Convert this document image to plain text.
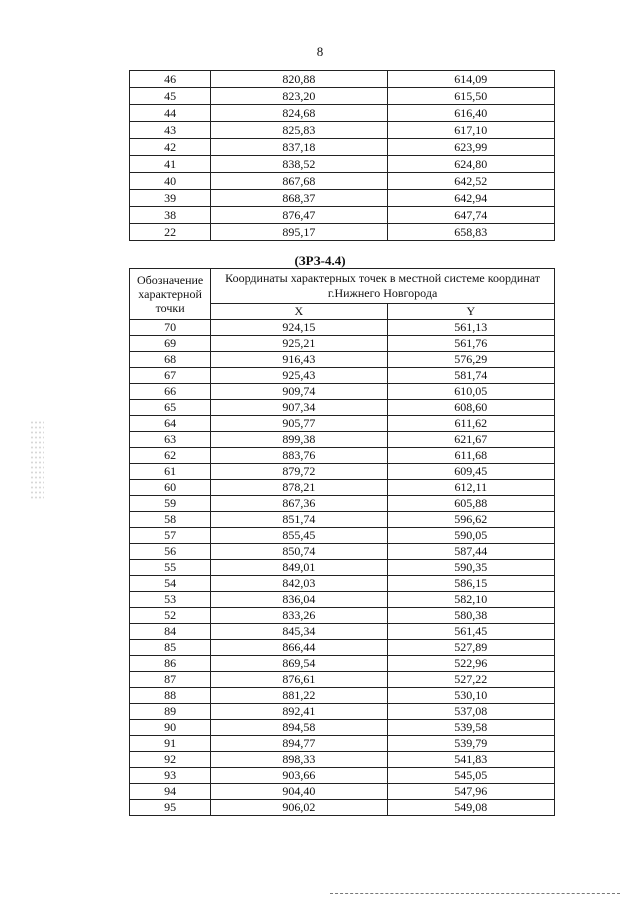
8
46	820,88	614,09
45	823,20	615,50
44	824,68	616,40
43	825,83	617,10
42	837,18	623,99
41	838,52	624,80
40	867,68	642,52
39	868,37	642,94
38	876,47	647,74
22	895,17	658,83
(ЗРЗ-4.4)
Обозначение характерной точки	Координаты характерных точек в местной системе координат г.Нижнего Новгорода	
	X	Y
70	924,15	561,13
69	925,21	561,76
68	916,43	576,29
67	925,43	581,74
66	909,74	610,05
65	907,34	608,60
64	905,77	611,62
63	899,38	621,67
62	883,76	611,68
61	879,72	609,45
60	878,21	612,11
59	867,36	605,88
58	851,74	596,62
57	855,45	590,05
56	850,74	587,44
55	849,01	590,35
54	842,03	586,15
53	836,04	582,10
52	833,26	580,38
84	845,34	561,45
85	866,44	527,89
86	869,54	522,96
87	876,61	527,22
88	881,22	530,10
89	892,41	537,08
90	894,58	539,58
91	894,77	539,79
92	898,33	541,83
93	903,66	545,05
94	904,40	547,96
95	906,02	549,08
